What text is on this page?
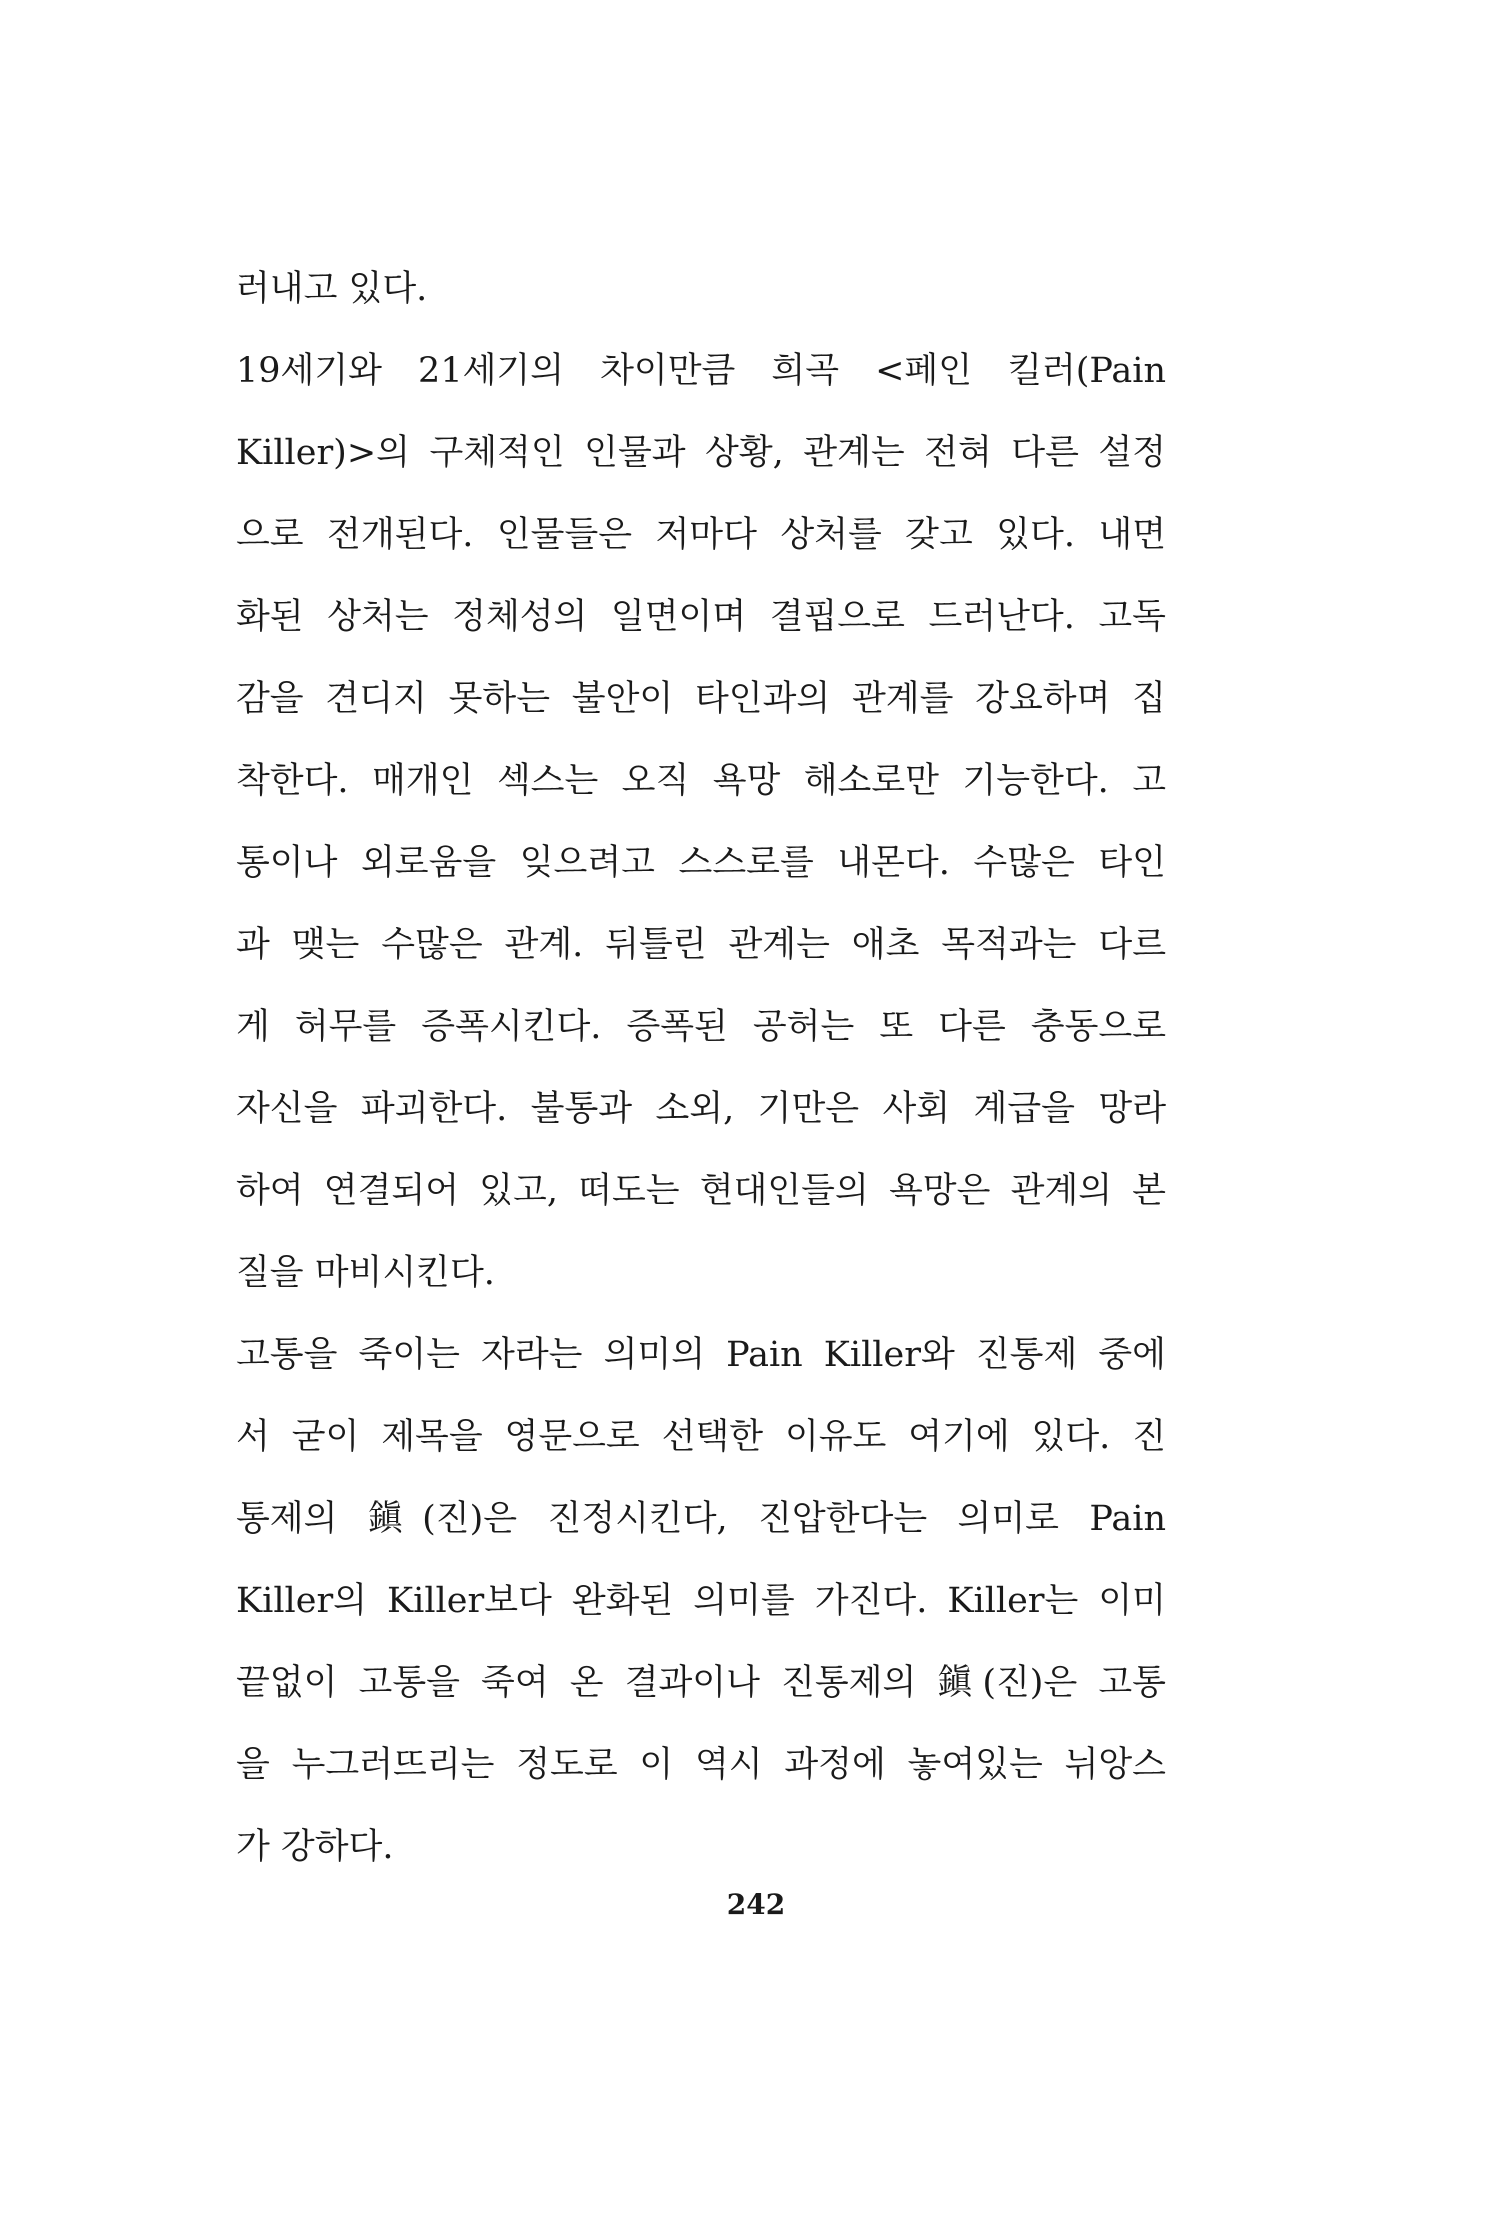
러내고 있다.
19세기와 21세기의 차이만큼 희곡 <페인 킬러(Pain
Killer)>의 구체적인 인물과 상황, 관계는 전혀 다른 설정
으로 전개된다. 인물들은 저마다 상처를 갖고 있다. 내면
화된 상처는 정체성의 일면이며 결핍으로 드러난다. 고독
감을 견디지 못하는 불안이 타인과의 관계를 강요하며 집
착한다. 매개인 섹스는 오직 욕망 해소로만 기능한다. 고
통이나 외로움을 잊으려고 스스로를 내몬다. 수많은 타인
과 맺는 수많은 관계. 뒤틀린 관계는 애초 목적과는 다르
게 허무를 증폭시킨다. 증폭된 공허는 또 다른 충동으로
자신을 파괴한다. 불통과 소외, 기만은 사회 계급을 망라
하여 연결되어 있고, 떠도는 현대인들의 욕망은 관계의 본
질을 마비시킨다.
고통을 죽이는 자라는 의미의 Pain Killer와 진통제 중에
서 굳이 제목을 영문으로 선택한 이유도 여기에 있다. 진
통제의 鎭(진)은 진정시킨다, 진압한다는 의미로 Pain
Killer의 Killer보다 완화된 의미를 가진다. Killer는 이미
끝없이 고통을 죽여 온 결과이나 진통제의 鎭(진)은 고통
을 누그러뜨리는 정도로 이 역시 과정에 놓여있는 뉘앙스
가 강하다.
242
